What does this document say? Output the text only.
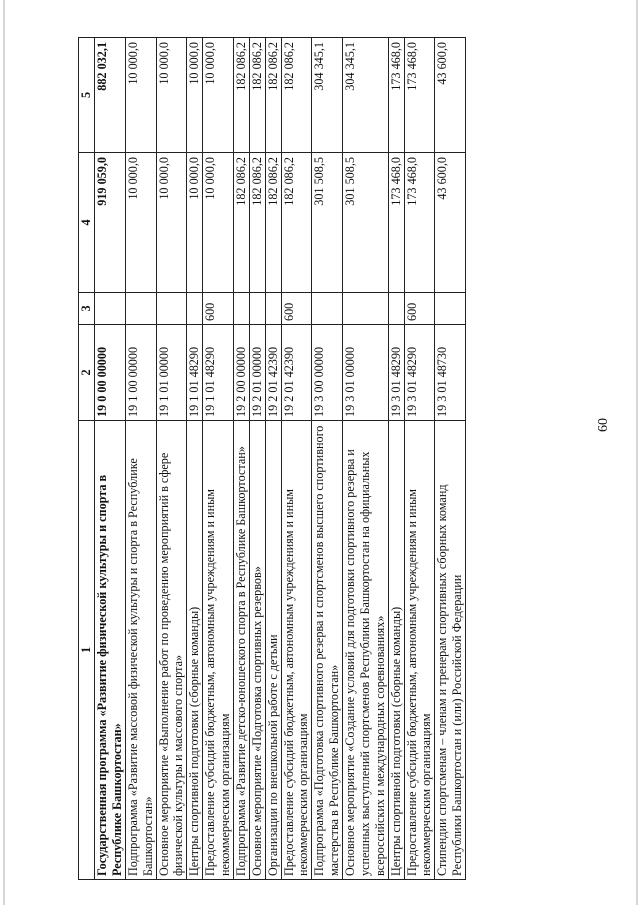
60
1	2	3	4	5
Государственная программа «Развитие физической культуры и спорта в Республике Башкортостан»	19 0 00 00000		919 059,0	882 032,1
Подпрограмма «Развитие массовой физической культуры и спорта в Республике Башкортостан»	19 1 00 00000		10 000,0	10 000,0
Основное мероприятие «Выполнение работ по проведению мероприятий в сфере физической культуры и массового спорта»	19 1 01 00000		10 000,0	10 000,0
Центры спортивной подготовки (сборные команды)	19 1 01 48290		10 000,0	10 000,0
Предоставление субсидий бюджетным, автономным учреждениям и иным некоммерческим организациям	19 1 01 48290	600	10 000,0	10 000,0
Подпрограмма «Развитие детско-юношеского спорта в Республике Башкортостан»	19 2 00 00000		182 086,2	182 086,2
Основное мероприятие «Подготовка спортивных резервов»	19 2 01 00000		182 086,2	182 086,2
Организации по внешкольной работе с детьми	19 2 01 42390		182 086,2	182 086,2
Предоставление субсидий бюджетным, автономным учреждениям и иным некоммерческим организациям	19 2 01 42390	600	182 086,2	182 086,2
Подпрограмма «Подготовка спортивного резерва и спортсменов высшего спортивного мастерства в Республике Башкортостан»	19 3 00 00000		301 508,5	304 345,1
Основное мероприятие «Создание условий для подготовки спортивного резерва и успешных выступлений спортсменов Республики Башкортостан на официальных всероссийских и международных соревнованиях»	19 3 01 00000		301 508,5	304 345,1
Центры спортивной подготовки (сборные команды)	19 3 01 48290		173 468,0	173 468,0
Предоставление субсидий бюджетным, автономным учреждениям и иным некоммерческим организациям	19 3 01 48290	600	173 468,0	173 468,0
Стипендии спортсменам – членам и тренерам спортивных сборных команд Республики Башкортостан и (или) Российской Федерации	19 3 01 48730		43 600,0	43 600,0
